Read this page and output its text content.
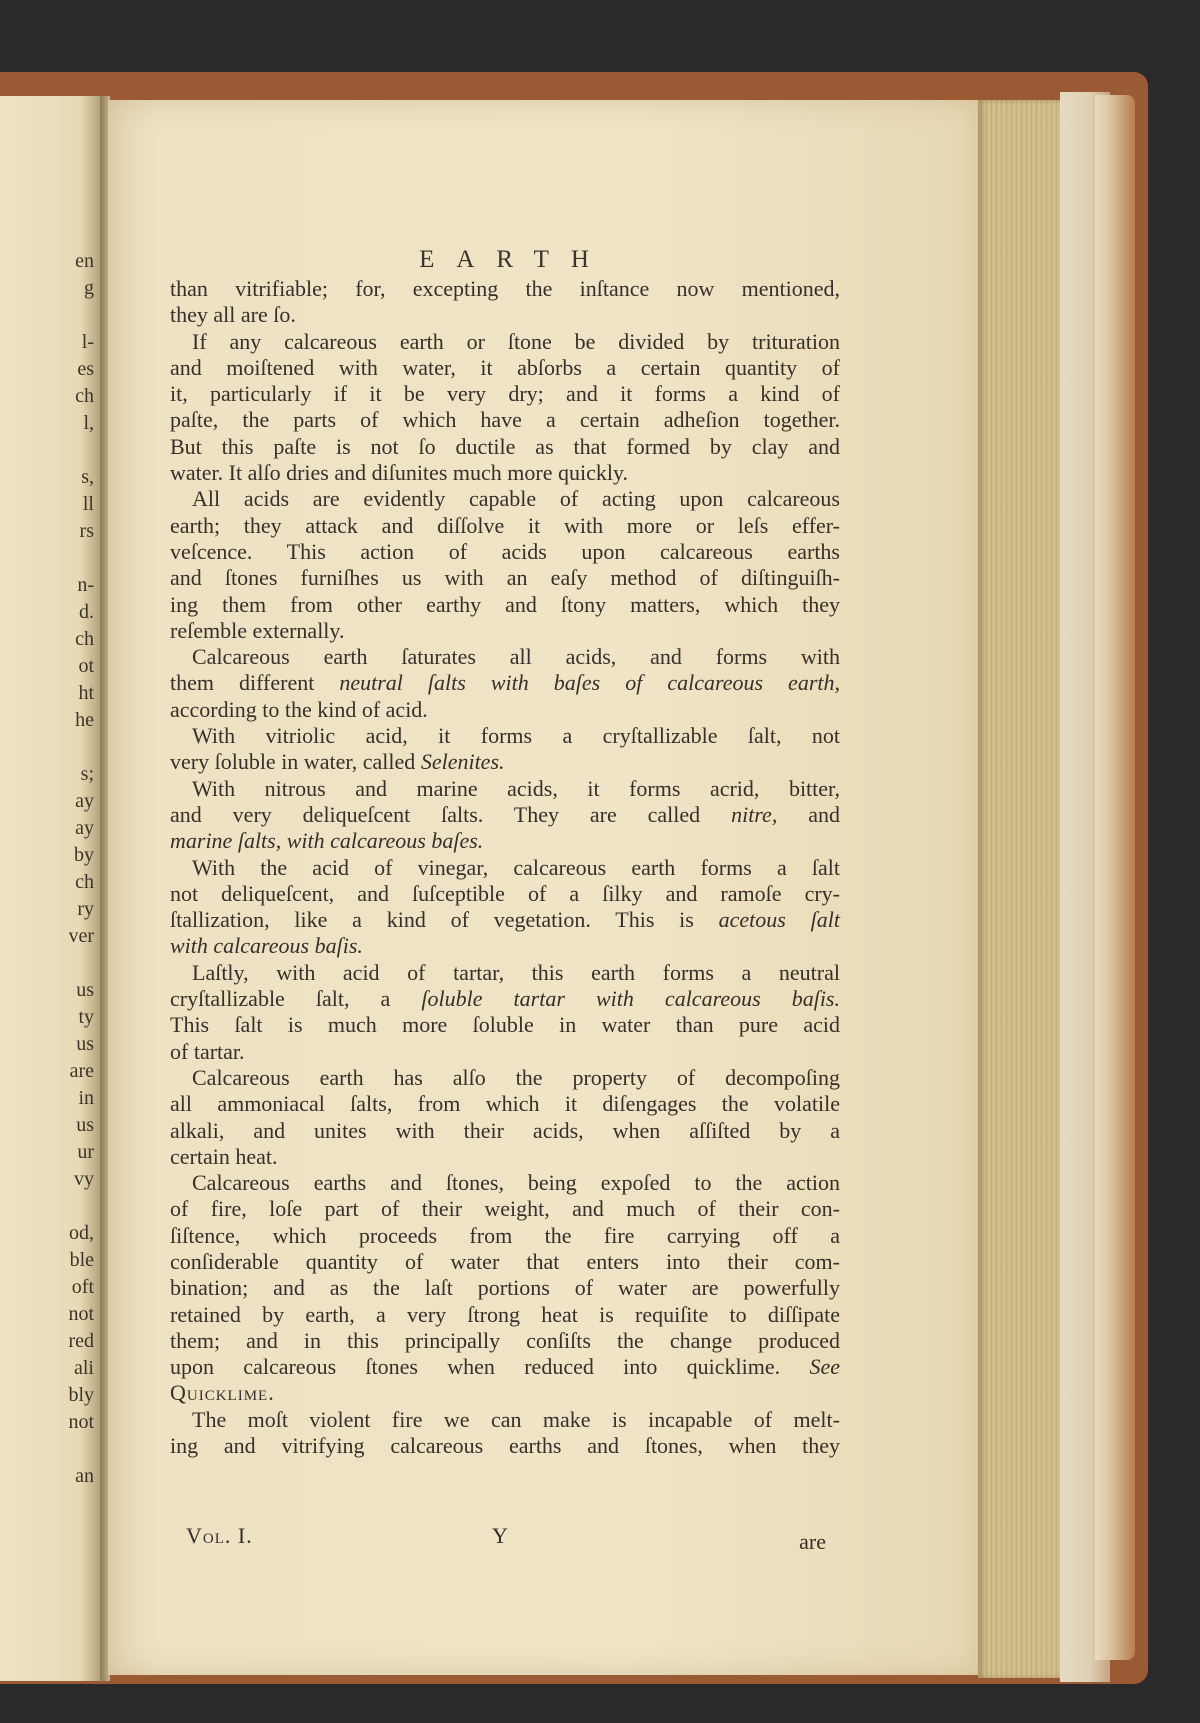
en
g
l-
es
ch
l,
s,
ll
rs
n-
d.
ch
ot
ht
he
s;
ay
ay
by
ch
ry
ver
us
ty
us
are
in
us
ur
vy
od,
ble
oft
not
red
ali
bly
not
an
EARTH
than vitrifiable; for, excepting the inſtance now mentioned,
they all are ſo.
If any calcareous earth or ſtone be divided by trituration
and moiſtened with water, it abſorbs a certain quantity of
it, particularly if it be very dry; and it forms a kind of
paſte, the parts of which have a certain adheſion together.
But this paſte is not ſo ductile as that formed by clay and
water. It alſo dries and diſunites much more quickly.
All acids are evidently capable of acting upon calcareous
earth; they attack and diſſolve it with more or leſs effer-
veſcence. This action of acids upon calcareous earths
and ſtones furniſhes us with an eaſy method of diſtinguiſh-
ing them from other earthy and ſtony matters, which they
reſemble externally.
Calcareous earth ſaturates all acids, and forms with
them different neutral ſalts with baſes of calcareous earth,
according to the kind of acid.
With vitriolic acid, it forms a cryſtallizable ſalt, not
very ſoluble in water, called Selenites.
With nitrous and marine acids, it forms acrid, bitter,
and very deliqueſcent ſalts. They are called nitre, and
marine ſalts, with calcareous baſes.
With the acid of vinegar, calcareous earth forms a ſalt
not deliqueſcent, and ſuſceptible of a ſilky and ramoſe cry-
ſtallization, like a kind of vegetation. This is acetous ſalt
with calcareous baſis.
Laſtly, with acid of tartar, this earth forms a neutral
cryſtallizable ſalt, a ſoluble tartar with calcareous baſis.
This ſalt is much more ſoluble in water than pure acid
of tartar.
Calcareous earth has alſo the property of decompoſing
all ammoniacal ſalts, from which it diſengages the volatile
alkali, and unites with their acids, when aſſiſted by a
certain heat.
Calcareous earths and ſtones, being expoſed to the action
of fire, loſe part of their weight, and much of their con-
ſiſtence, which proceeds from the fire carrying off a
conſiderable quantity of water that enters into their com-
bination; and as the laſt portions of water are powerfully
retained by earth, a very ſtrong heat is requiſite to diſſipate
them; and in this principally conſiſts the change produced
upon calcareous ſtones when reduced into quicklime. See
Quicklime.
The moſt violent fire we can make is incapable of melt-
ing and vitrifying calcareous earths and ſtones, when they
Vol. I.	Y	are
